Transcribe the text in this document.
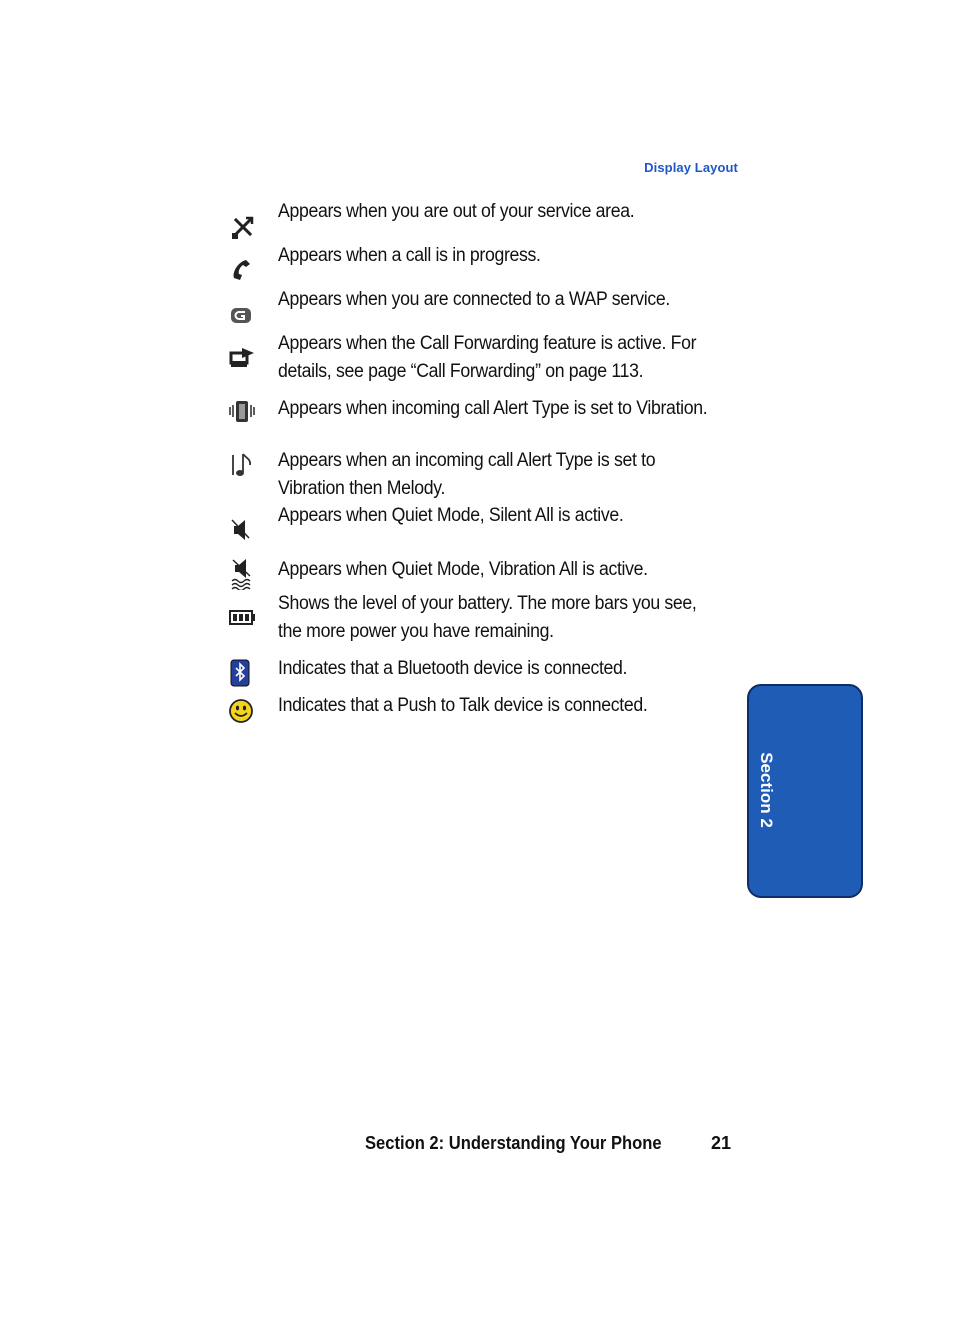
Display Layout
Appears when you are out of your service area.
Appears when a call is in progress.
Appears when you are connected to a WAP service.
Appears when the Call Forwarding feature is active. For
details, see page “Call Forwarding” on page 113.
Appears when incoming call Alert Type is set to Vibration.
Appears when an incoming call Alert Type is set to
Vibration then Melody.
Appears when Quiet Mode, Silent All is active.
Appears when Quiet Mode, Vibration All is active.
Shows the level of your battery. The more bars you see,
the more power you have remaining.
Indicates that a Bluetooth device is connected.
Indicates that a Push to Talk device is connected.
Section 2
Section 2: Understanding Your Phone	21
